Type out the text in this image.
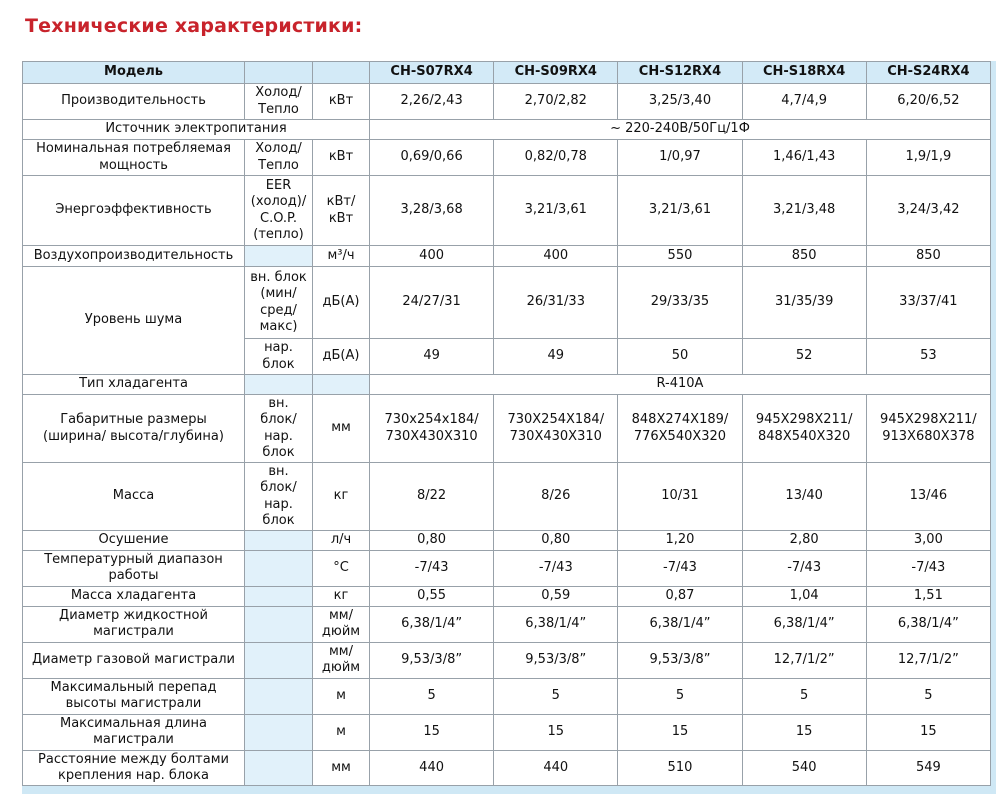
Технические характеристики:
Модель			CH-S07RX4	CH-S09RX4	CH-S12RX4	CH-S18RX4	CH-S24RX4
Производительность	Холод/ Тепло	кВт	2,26/2,43	2,70/2,82	3,25/3,40	4,7/4,9	6,20/6,52
Источник электропитания			~ 220-240В/50Гц/1Ф				
Номинальная потребляемая мощность	Холод/ Тепло	кВт	0,69/0,66	0,82/0,78	1/0,97	1,46/1,43	1,9/1,9
Энергоэффективность	EER (холод)/ C.O.P. (тепло)	кВт/ кВт	3,28/3,68	3,21/3,61	3,21/3,61	3,21/3,48	3,24/3,42
Воздухопроизводительность		м³/ч	400	400	550	850	850
Уровень шума	вн. блок (мин/ сред/ макс)	дБ(А)	24/27/31	26/31/33	29/33/35	31/35/39	33/37/41
	нар. блок	дБ(А)	49	49	50	52	53
Тип хладагента			R-410A				
Габаритные размеры (ширина/ высота/глубина)	вн. блок/ нар. блок	мм	730x254x184/ 730X430X310	730X254X184/ 730X430X310	848X274X189/ 776X540X320	945X298X211/ 848X540X320	945X298X211/ 913X680X378
Масса	вн. блок/ нар. блок	кг	8/22	8/26	10/31	13/40	13/46
Осушение		л/ч	0,80	0,80	1,20	2,80	3,00
Температурный диапазон работы		°С	-7/43	-7/43	-7/43	-7/43	-7/43
Масса хладагента		кг	0,55	0,59	0,87	1,04	1,51
Диаметр жидкостной магистрали		мм/ дюйм	6,38/1/4”	6,38/1/4”	6,38/1/4”	6,38/1/4”	6,38/1/4”
Диаметр газовой магистрали		мм/ дюйм	9,53/3/8”	9,53/3/8”	9,53/3/8”	12,7/1/2”	12,7/1/2”
Максимальный перепад высоты магистрали		м	5	5	5	5	5
Максимальная длина магистрали		м	15	15	15	15	15
Расстояние между болтами крепления нар. блока		мм	440	440	510	540	549
